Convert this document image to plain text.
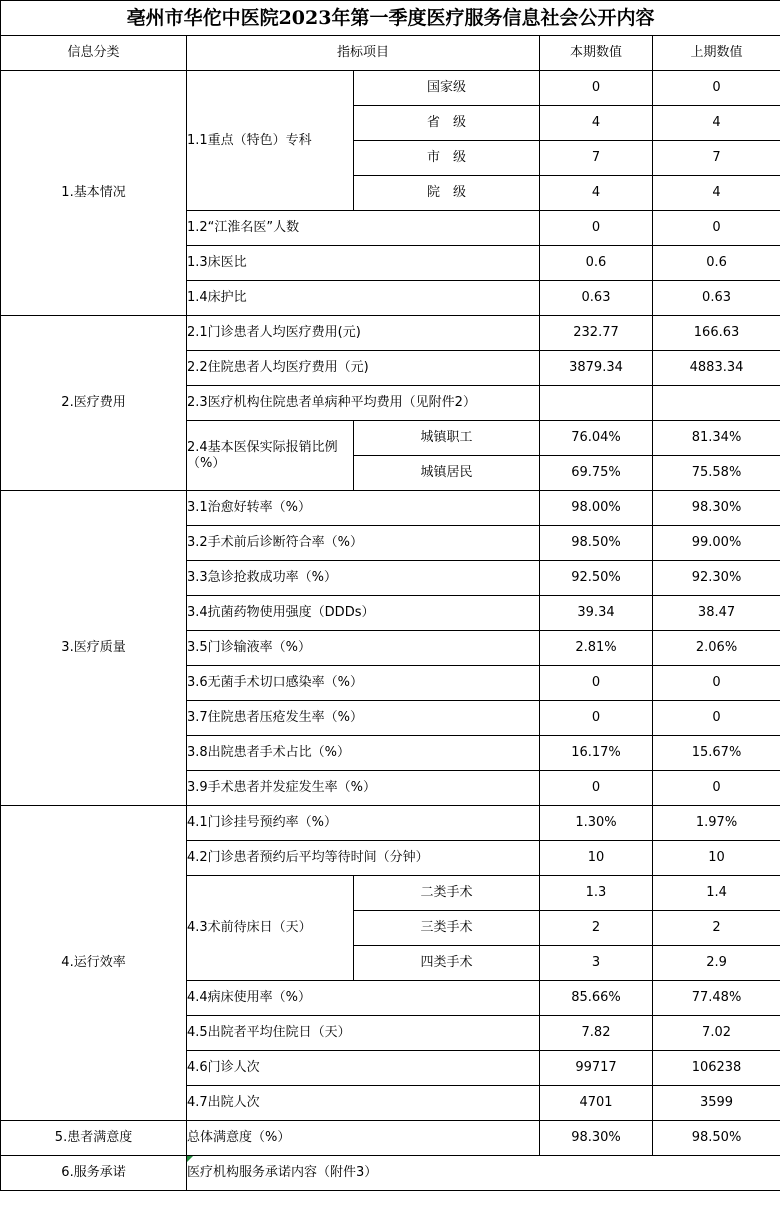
亳州市华佗中医院2023年第一季度医疗服务信息社会公开内容				
信息分类	指标项目		本期数值	上期数值
1.基本情况	1.1重点（特色）专科	国家级	0	0
		省　级	4	4
		市　级	7	7
		院　级	4	4
	1.2“江淮名医”人数		0	0
	1.3床医比		0.6	0.6
	1.4床护比		0.63	0.63
2.医疗费用	2.1门诊患者人均医疗费用(元)		232.77	166.63
	2.2住院患者人均医疗费用（元)		3879.34	4883.34
	2.3医疗机构住院患者单病种平均费用（见附件2）			
	2.4基本医保实际报销比例（%）	城镇职工	76.04%	81.34%
		城镇居民	69.75%	75.58%
3.医疗质量	3.1治愈好转率（%）		98.00%	98.30%
	3.2手术前后诊断符合率（%）		98.50%	99.00%
	3.3急诊抢救成功率（%）		92.50%	92.30%
	3.4抗菌药物使用强度（DDDs）		39.34	38.47
	3.5门诊输液率（%）		2.81%	2.06%
	3.6无菌手术切口感染率（%）		0	0
	3.7住院患者压疮发生率（%）		0	0
	3.8出院患者手术占比（%）		16.17%	15.67%
	3.9手术患者并发症发生率（%）		0	0
4.运行效率	4.1门诊挂号预约率（%）		1.30%	1.97%
	4.2门诊患者预约后平均等待时间（分钟）		10	10
	4.3术前待床日（天）	二类手术	1.3	1.4
		三类手术	2	2
		四类手术	3	2.9
	4.4病床使用率（%）		85.66%	77.48%
	4.5出院者平均住院日（天）		7.82	7.02
	4.6门诊人次		99717	106238
	4.7出院人次		4701	3599
5.患者满意度	总体满意度（%）		98.30%	98.50%
6.服务承诺	医疗机构服务承诺内容（附件3）			
